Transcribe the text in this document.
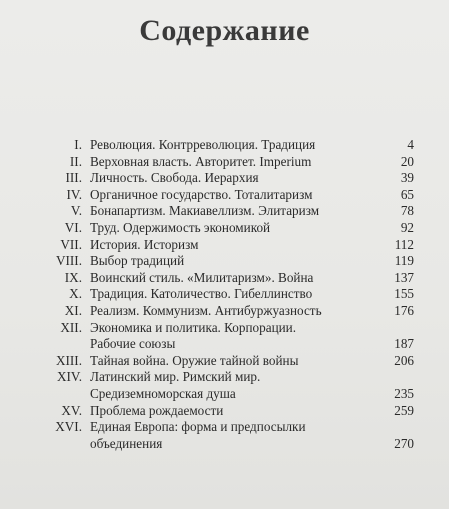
Содержание
I. Революция. Контрреволюция. Традиция	4
II. Верховная власть. Авторитет. Imperium	20
III. Личность. Свобода. Иерархия	39
IV. Органичное государство. Тоталитаризм	65
V. Бонапартизм. Макиавеллизм. Элитаризм	78
VI. Труд. Одержимость экономикой	92
VII. История. Историзм	112
VIII. Выбор традиций	119
IX. Воинский стиль. «Милитаризм». Война	137
X. Традиция. Католичество. Гибеллинство	155
XI. Реализм. Коммунизм. Антибуржуазность	176
XII. Экономика и политика. Корпорации.
Рабочие союзы	187
XIII. Тайная война. Оружие тайной войны	206
XIV. Латинский мир. Римский мир.
Средиземноморская душа	235
XV. Проблема рождаемости	259
XVI. Единая Европа: форма и предпосылки
объединения	270
